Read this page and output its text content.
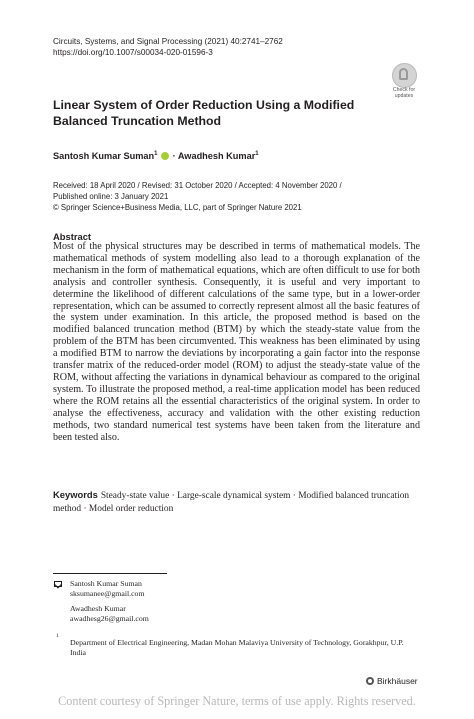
Circuits, Systems, and Signal Processing (2021) 40:2741–2762
https://doi.org/10.1007/s00034-020-01596-3
Check for
updates
Linear System of Order Reduction Using a Modified Balanced Truncation Method
Santosh Kumar Suman$^1$ · Awadhesh Kumar$^1$
Received: 18 April 2020 / Revised: 31 October 2020 / Accepted: 4 November 2020 /
Published online: 3 January 2021
© Springer Science+Business Media, LLC, part of Springer Nature 2021
Abstract
Most of the physical structures may be described in terms of mathematical models. The mathematical methods of system modelling also lead to a thorough explanation of the mechanism in the form of mathematical equations, which are often difficult to use for both analysis and controller synthesis. Consequently, it is useful and very important to determine the likelihood of different calculations of the same type, but in a lower-order representation, which can be assumed to correctly represent almost all the basic features of the system under examination. In this article, the proposed method is based on the modified balanced truncation method (BTM) by which the steady-state value from the problem of the BTM has been circumvented. This weakness has been eliminated by using a modified BTM to narrow the deviations by incorporating a gain factor into the response transfer matrix of the reduced-order model (ROM) to adjust the steady-state value of the ROM, without affecting the variations in dynamical behaviour as compared to the original system. To illustrate the proposed method, a real-time application model has been reduced where the ROM retains all the essential characteristics of the original system. In order to analyse the effectiveness, accuracy and validation with the other existing reduction methods, two standard numerical test systems have been taken from the literature and been tested also.
Keywords Steady-state value · Large-scale dynamical system · Modified balanced truncation method · Model order reduction
Santosh Kumar Suman
sksumanee@gmail.com
Awadhesh Kumar
awadhesg26@gmail.com
1
Department of Electrical Engineering, Madan Mohan Malaviya University of Technology, Gorakhpur, U.P. India
Birkhäuser
Content courtesy of Springer Nature, terms of use apply. Rights reserved.
